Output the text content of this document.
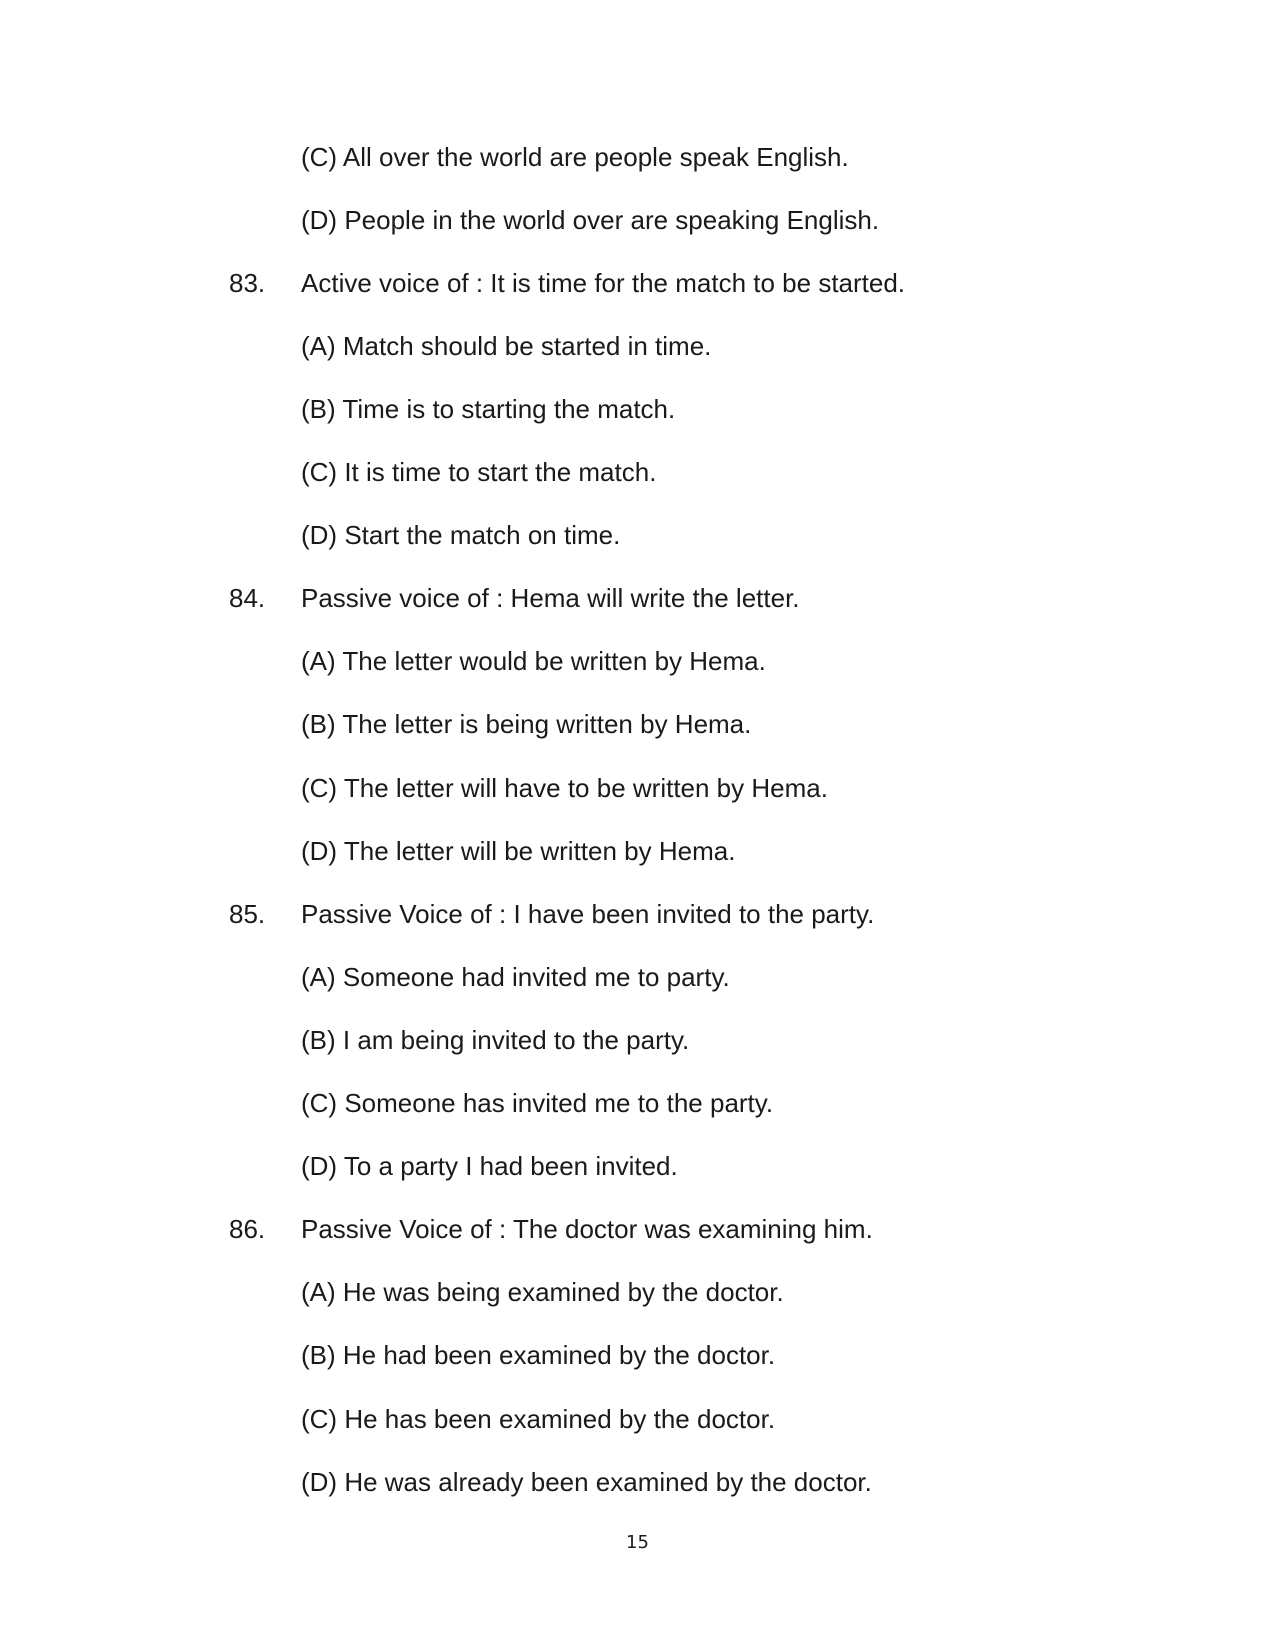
(C) All over the world are people speak English.
(D) People in the world over are speaking English.
83. Active voice of : It is time for the match to be started.
(A) Match should be started in time.
(B) Time is to starting the match.
(C) It is time to start the match.
(D) Start the match on time.
84. Passive voice of : Hema will write the letter.
(A) The letter would be written by Hema.
(B) The letter is being written by Hema.
(C) The letter will have to be written by Hema.
(D) The letter will be written by Hema.
85. Passive Voice of : I have been invited to the party.
(A) Someone had invited me to party.
(B) I am being invited to the party.
(C) Someone has invited me to the party.
(D) To a party I had been invited.
86. Passive Voice of : The doctor was examining him.
(A) He was being examined by the doctor.
(B) He had been examined by the doctor.
(C) He has been examined by the doctor.
(D) He was already been examined by the doctor.
15
